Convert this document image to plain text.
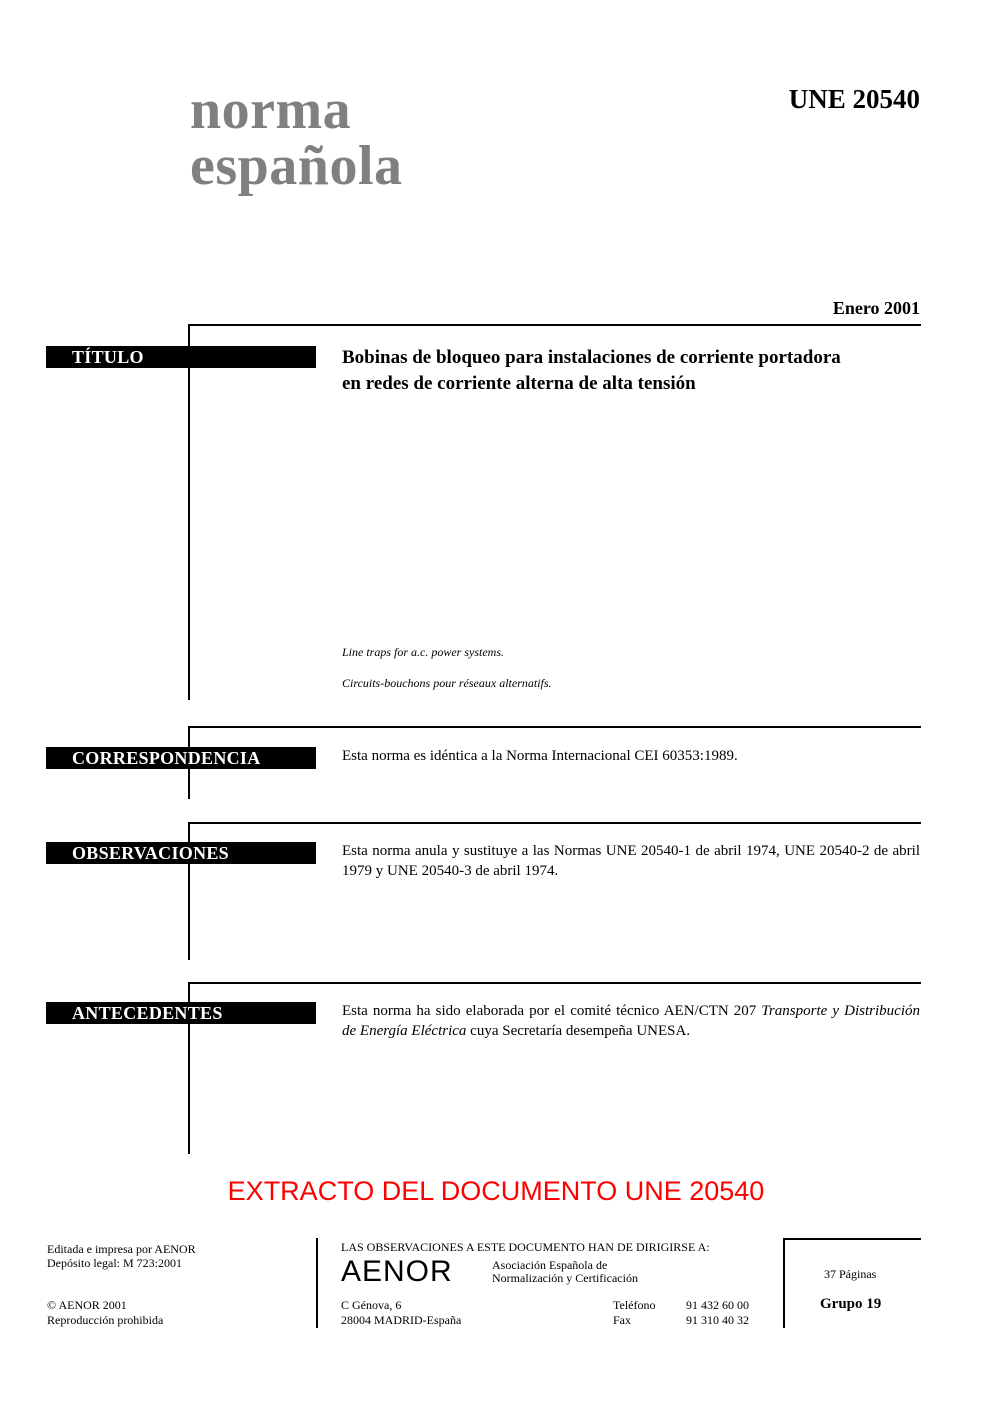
norma
española
UNE 20540
Enero 2001
TÍTULO	Bobinas de bloqueo para instalaciones de corriente portadora
en redes de corriente alterna de alta tensión
Line traps for a.c. power systems.
Circuits-bouchons pour réseaux alternatifs.
CORRESPONDENCIA	Esta norma es idéntica a la Norma Internacional CEI 60353:1989.
OBSERVACIONES	Esta norma anula y sustituye a las Normas UNE 20540-1 de abril 1974, UNE 20540-2 de abril 1979 y UNE 20540-3 de abril 1974.
ANTECEDENTES	Esta norma ha sido elaborada por el comité técnico AEN/CTN 207 Transporte y Distribución de Energía Eléctrica cuya Secretaría desempeña UNESA.
EXTRACTO DEL DOCUMENTO UNE 20540
Editada e impresa por AENOR
Depósito legal: M 723:2001
© AENOR 2001
Reproducción prohibida
LAS OBSERVACIONES A ESTE DOCUMENTO HAN DE DIRIGIRSE A:
AENOR	Asociación Española de
Normalización y Certificación
C Génova, 6
28004 MADRID-España
Teléfono	91 432 60 00
Fax	91 310 40 32
37 Páginas
Grupo 19
